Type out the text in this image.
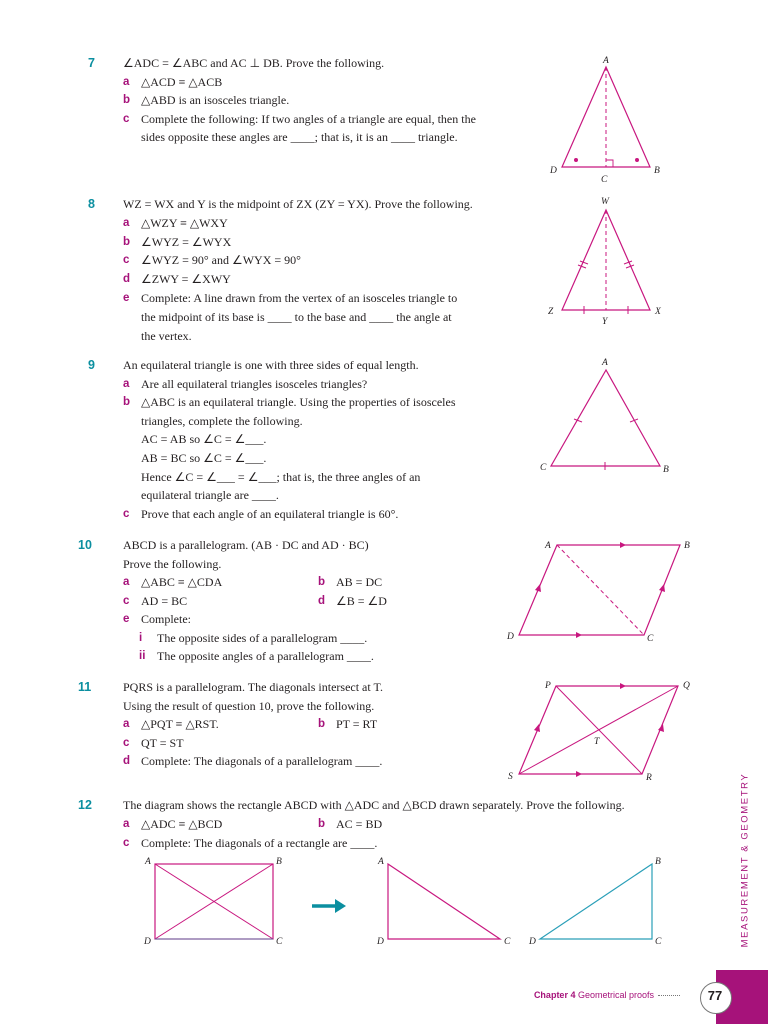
7 ∠ADC = ∠ABC and AC ⊥ DB. Prove the following.
a △ACD ≡ △ACB
b △ABD is an isosceles triangle.
c Complete the following: If two angles of a triangle are equal, then the
sides opposite these angles are ____; that is, it is an ____ triangle.
8 WZ = WX and Y is the midpoint of ZX (ZY = YX). Prove the following.
a △WZY ≡ △WXY
b ∠WYZ = ∠WYX
c ∠WYZ = 90° and ∠WYX = 90°
d ∠ZWY = ∠XWY
e Complete: A line drawn from the vertex of an isosceles triangle to
the midpoint of its base is ____ to the base and ____ the angle at
the vertex.
9 An equilateral triangle is one with three sides of equal length.
a Are all equilateral triangles isosceles triangles?
b △ABC is an equilateral triangle. Using the properties of isosceles
triangles, complete the following.
AC = AB so ∠C = ∠___.
AB = BC so ∠C = ∠___.
Hence ∠C = ∠___ = ∠___; that is, the three angles of an
equilateral triangle are ____.
c Prove that each angle of an equilateral triangle is 60°.
10	ABCD is a parallelogram. (AB · DC and AD · BC)
Prove the following.
a △ABC ≡ △CDA	b AB = DC
c AD = BC	d ∠B = ∠D
e Complete:
i The opposite sides of a parallelogram ____.
ii The opposite angles of a parallelogram ____.
11	PQRS is a parallelogram. The diagonals intersect at T.
Using the result of question 10, prove the following.
a △PQT ≡ △RST.	b PT = RT
c QT = ST
d Complete: The diagonals of a parallelogram ____.
12	The diagram shows the rectangle ABCD with △ADC and △BCD drawn separately. Prove the following.
a △ADC ≡ △BCD	b AC = BD
c Complete: The diagonals of a rectangle are ____.
A
D	B
C
W
Z	X
Y
A
C	B
A	B
C
D
P	Q
R
S
T
A	B
D	C
A
D	C
B
D	C	MEASUREMENT & GEOMETRY
Chapter 4 Geometrical proofs	77
